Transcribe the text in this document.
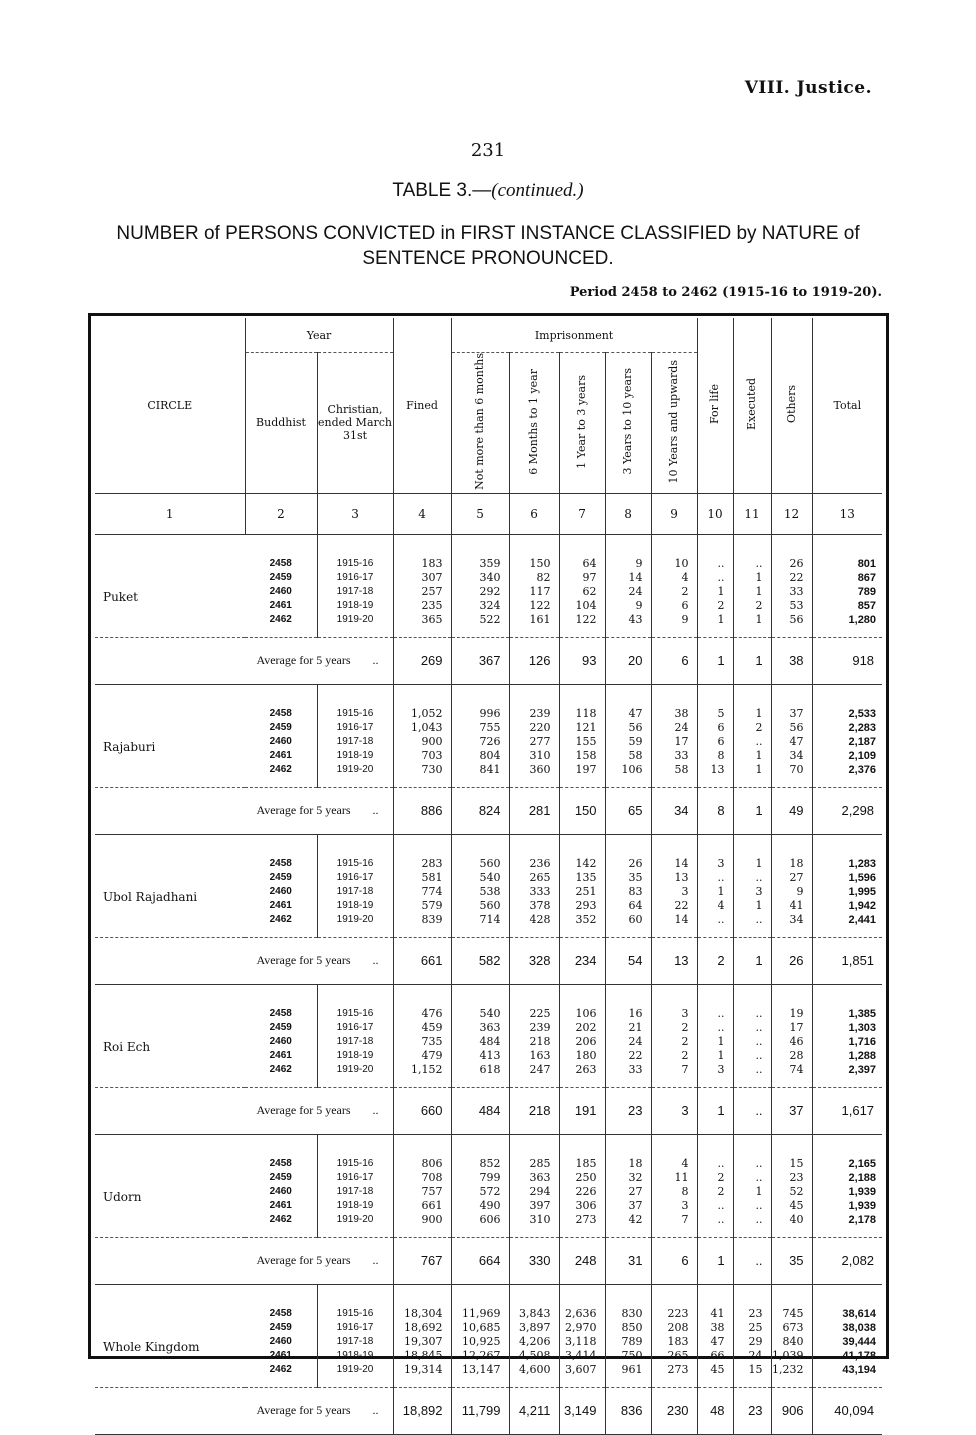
VIII. Justice.
231
TABLE 3.—(continued.)
NUMBER of PERSONS CONVICTED in FIRST INSTANCE CLASSIFIED by NATURE of SENTENCE PRONOUNCED.
Period 2458 to 2462 (1915-16 to 1919-20).
CIRCLE	Year		Fined	Imprisonment					For life	Executed	Others	Total
	Buddhist	Christian, ended March 31st		Not more than 6 months	6 Months to 1 year	1 Year to 3 years	3 Years to 10 years	10 Years and upwards				
1	2	3	4	5	6	7	8	9	10	11	12	13

Puket	2458	1915-16	183	359	150	64	9	10	..	..	26	801
	2459	1916-17	307	340	82	97	14	4	..	1	22	867
	2460	1917-18	257	292	117	62	24	2	1	1	33	789
	2461	1918-19	235	324	122	104	9	6	2	2	53	857
	2462	1919-20	365	522	161	122	43	9	1	1	56	1,280
Average for 5 years ..			269	367	126	93	20	6	1	1	38	918

Rajaburi	2458	1915-16	1,052	996	239	118	47	38	5	1	37	2,533
	2459	1916-17	1,043	755	220	121	56	24	6	2	56	2,283
	2460	1917-18	900	726	277	155	59	17	6	..	47	2,187
	2461	1918-19	703	804	310	158	58	33	8	1	34	2,109
	2462	1919-20	730	841	360	197	106	58	13	1	70	2,376
Average for 5 years ..			886	824	281	150	65	34	8	1	49	2,298

Ubol Rajadhani	2458	1915-16	283	560	236	142	26	14	3	1	18	1,283
	2459	1916-17	581	540	265	135	35	13	..	..	27	1,596
	2460	1917-18	774	538	333	251	83	3	1	3	9	1,995
	2461	1918-19	579	560	378	293	64	22	4	1	41	1,942
	2462	1919-20	839	714	428	352	60	14	..	..	34	2,441
Average for 5 years ..			661	582	328	234	54	13	2	1	26	1,851

Roi Ech	2458	1915-16	476	540	225	106	16	3	..	..	19	1,385
	2459	1916-17	459	363	239	202	21	2	..	..	17	1,303
	2460	1917-18	735	484	218	206	24	2	1	..	46	1,716
	2461	1918-19	479	413	163	180	22	2	1	..	28	1,288
	2462	1919-20	1,152	618	247	263	33	7	3	..	74	2,397
Average for 5 years ..			660	484	218	191	23	3	1	..	37	1,617

Udorn	2458	1915-16	806	852	285	185	18	4	..	..	15	2,165
	2459	1916-17	708	799	363	250	32	11	2	..	23	2,188
	2460	1917-18	757	572	294	226	27	8	2	1	52	1,939
	2461	1918-19	661	490	397	306	37	3	..	..	45	1,939
	2462	1919-20	900	606	310	273	42	7	..	..	40	2,178
Average for 5 years ..			767	664	330	248	31	6	1	..	35	2,082

Whole Kingdom	2458	1915-16	18,304	11,969	3,843	2,636	830	223	41	23	745	38,614
	2459	1916-17	18,692	10,685	3,897	2,970	850	208	38	25	673	38,038
	2460	1917-18	19,307	10,925	4,206	3,118	789	183	47	29	840	39,444
	2461	1918-19	18,845	12,267	4,508	3,414	750	265	66	24	1,039	41,178
	2462	1919-20	19,314	13,147	4,600	3,607	961	273	45	15	1,232	43,194
Average for 5 years ..			18,892	11,799	4,211	3,149	836	230	48	23	906	40,094
